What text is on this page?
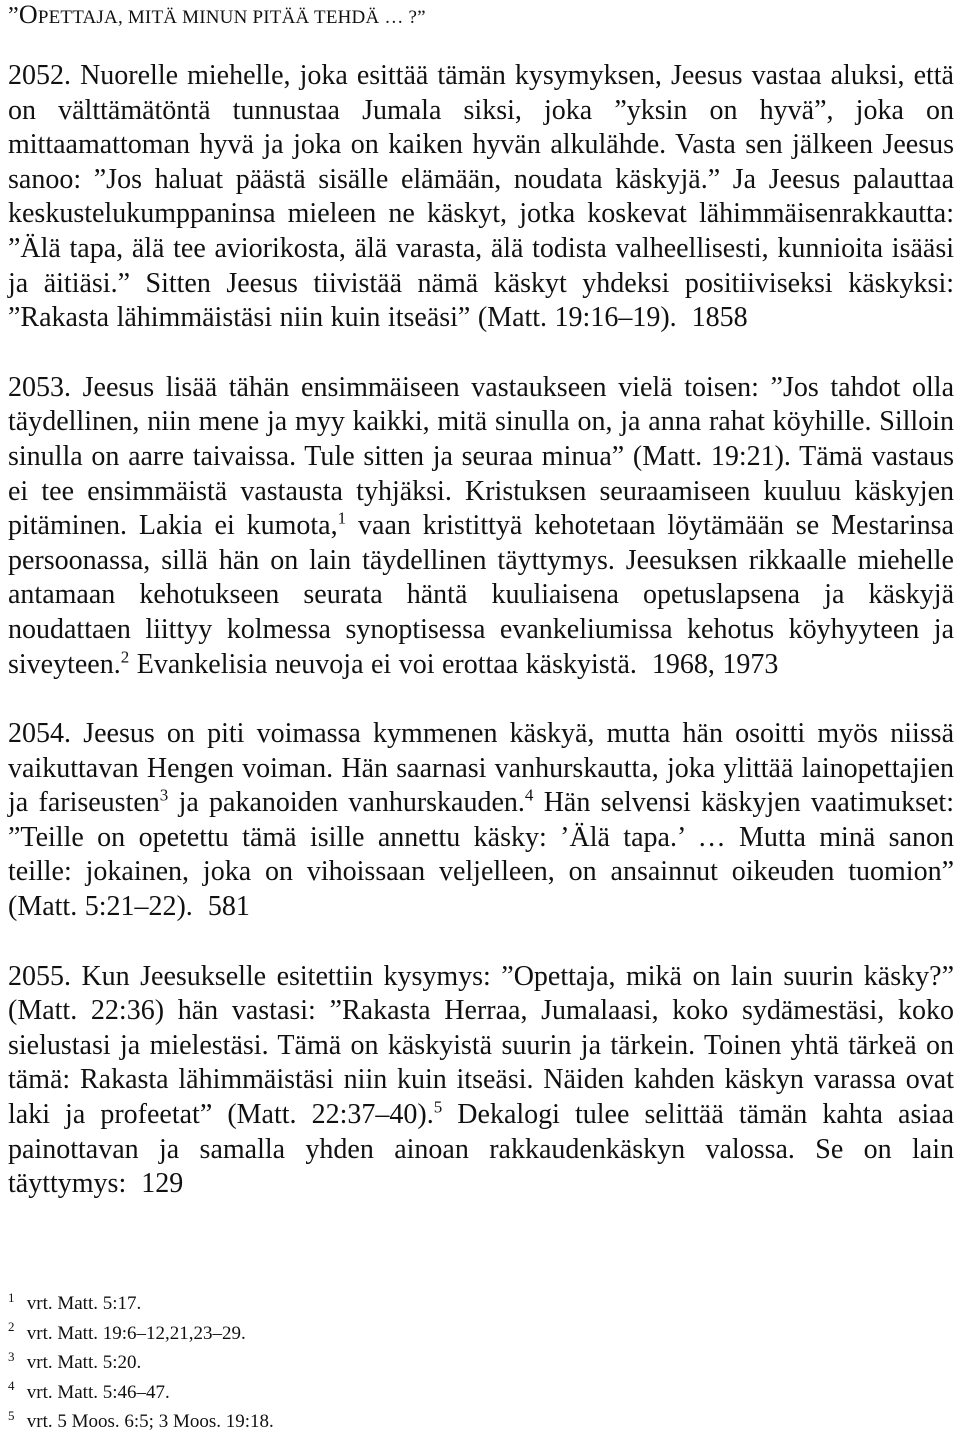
”OPETTAJA, MITÄ MINUN PITÄÄ TEHDÄ … ?”

2052. Nuorelle miehelle, joka esittää tämän kysymyksen, Jeesus vastaa aluksi, että on välttämätöntä tunnustaa Jumala siksi, joka ”yksin on hyvä”, joka on mittaamattoman hyvä ja joka on kaiken hyvän alkulähde. Vasta sen jälkeen Jeesus sanoo: ”Jos haluat päästä sisälle elämään, noudata käskyjä.” Ja Jeesus palauttaa keskustelukumppaninsa mieleen ne käskyt, jotka koskevat lähimmäisenrakkautta: ”Älä tapa, älä tee aviorikosta, älä varasta, älä todista valheellisesti, kunnioita isääsi ja äitiäsi.” Sitten Jeesus tiivistää nämä käskyt yhdeksi positiiviseksi käskyksi: ”Rakasta lähimmäistäsi niin kuin itseäsi” (Matt. 19:16–19).  1858

2053. Jeesus lisää tähän ensimmäiseen vastaukseen vielä toisen: ”Jos tahdot olla täydellinen, niin mene ja myy kaikki, mitä sinulla on, ja anna rahat köyhille. Silloin sinulla on aarre taivaissa. Tule sitten ja seuraa minua” (Matt. 19:21). Tämä vastaus ei tee ensimmäistä vastausta tyhjäksi. Kristuksen seuraamiseen kuuluu käskyjen pitäminen. Lakia ei kumota,$^1$ vaan kristittyä kehotetaan löytämään se Mestarinsa persoonassa, sillä hän on lain täydellinen täyttymys. Jeesuksen rikkaalle miehelle antamaan kehotukseen seurata häntä kuuliaisena opetuslapsena ja käskyjä noudattaen liittyy kolmessa synoptisessa evankeliumissa kehotus köyhyyteen ja siveyteen.$^2$ Evankelisia neuvoja ei voi erottaa käskyistä.  1968, 1973

2054. Jeesus on piti voimassa kymmenen käskyä, mutta hän osoitti myös niissä vaikuttavan Hengen voiman. Hän saarnasi vanhurskautta, joka ylittää lainopettajien ja fariseusten$^3$ ja pakanoiden vanhurskauden.$^4$ Hän selvensi käskyjen vaatimukset: ”Teille on opetettu tämä isille annettu käsky: ’Älä tapa.’ … Mutta minä sanon teille: jokainen, joka on vihoissaan veljelleen, on ansainnut oikeuden tuomion” (Matt. 5:21–22).  581

2055. Kun Jeesukselle esitettiin kysymys: ”Opettaja, mikä on lain suurin käsky?” (Matt. 22:36) hän vastasi: ”Rakasta Herraa, Jumalaasi, koko sydämestäsi, koko sielustasi ja mielestäsi. Tämä on käskyistä suurin ja tärkein. Toinen yhtä tärkeä on tämä: Rakasta lähimmäistäsi niin kuin itseäsi. Näiden kahden käskyn varassa ovat laki ja profeetat” (Matt. 22:37–40).$^5$ Dekalogi tulee selittää tämän kahta asiaa painottavan ja samalla yhden ainoan rakkaudenkäskyn valossa. Se on lain täyttymys:  129

$^1$ vrt. Matt. 5:17.

$^2$ vrt. Matt. 19:6–12,21,23–29.

$^3$ vrt. Matt. 5:20.

$^4$ vrt. Matt. 5:46–47.

$^5$ vrt. 5 Moos. 6:5; 3 Moos. 19:18.
